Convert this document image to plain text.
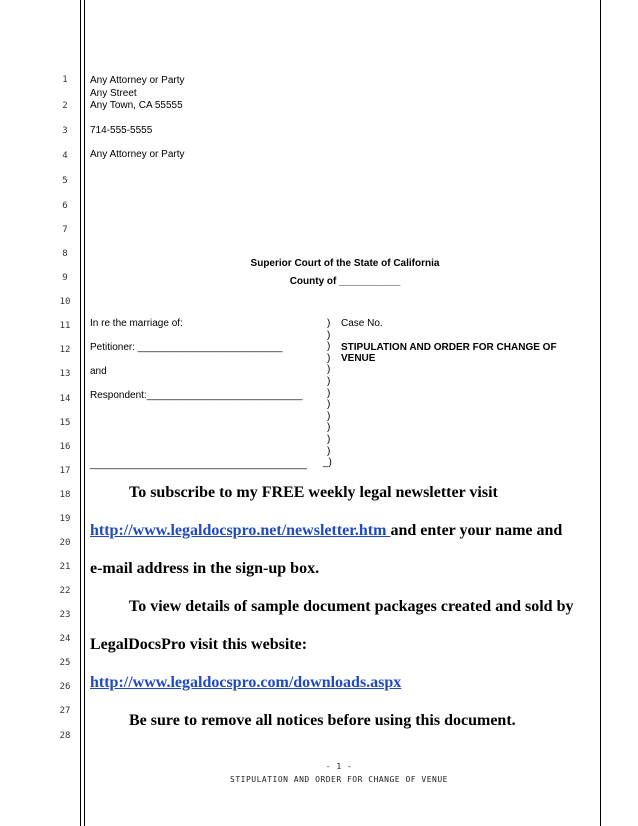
1
2
3
4
5
6
7
8
9
10
11
12
13
14
15
16
17
18
19
20
21
22
23
24
25
26
27
28
Any Attorney or Party
Any Street
Any Town, CA 55555
714-555-5555
Any Attorney or Party
Superior Court of the State of California
County of ___________
In re the marriage of:
Petitioner: __________________________
and
Respondent:____________________________
_______________________________________
)
)
)
)
)
)
)
)
)
)
)
)
_)
Case No.
STIPULATION AND ORDER FOR CHANGE OF
VENUE
To subscribe to my FREE weekly legal newsletter visit
http://www.legaldocspro.net/newsletter.htm and enter your name and
e-mail address in the sign-up box.
To view details of sample document packages created and sold by
LegalDocsPro visit this website:
http://www.legaldocspro.com/downloads.aspx
Be sure to remove all notices before using this document.
- 1 -
STIPULATION AND ORDER FOR CHANGE OF VENUE
